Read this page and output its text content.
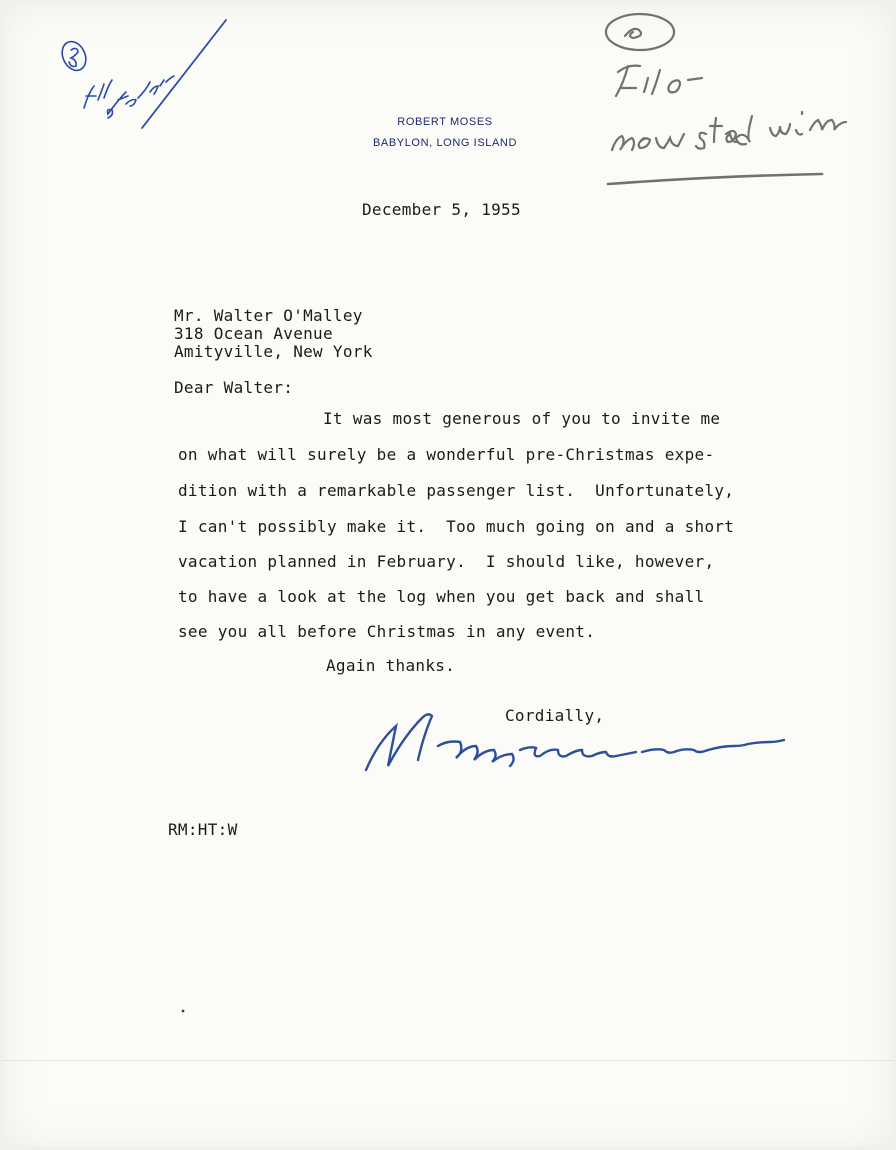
ROBERT MOSES
BABYLON, LONG ISLAND
December 5, 1955
Mr. Walter O'Malley
318 Ocean Avenue
Amityville, New York
Dear Walter:
It was most generous of you to invite me
on what will surely be a wonderful pre-Christmas expe-
dition with a remarkable passenger list.  Unfortunately,
I can't possibly make it.  Too much going on and a short
vacation planned in February.  I should like, however,
to have a look at the log when you get back and shall
see you all before Christmas in any event.
Again thanks.
Cordially,
RM:HT:W
